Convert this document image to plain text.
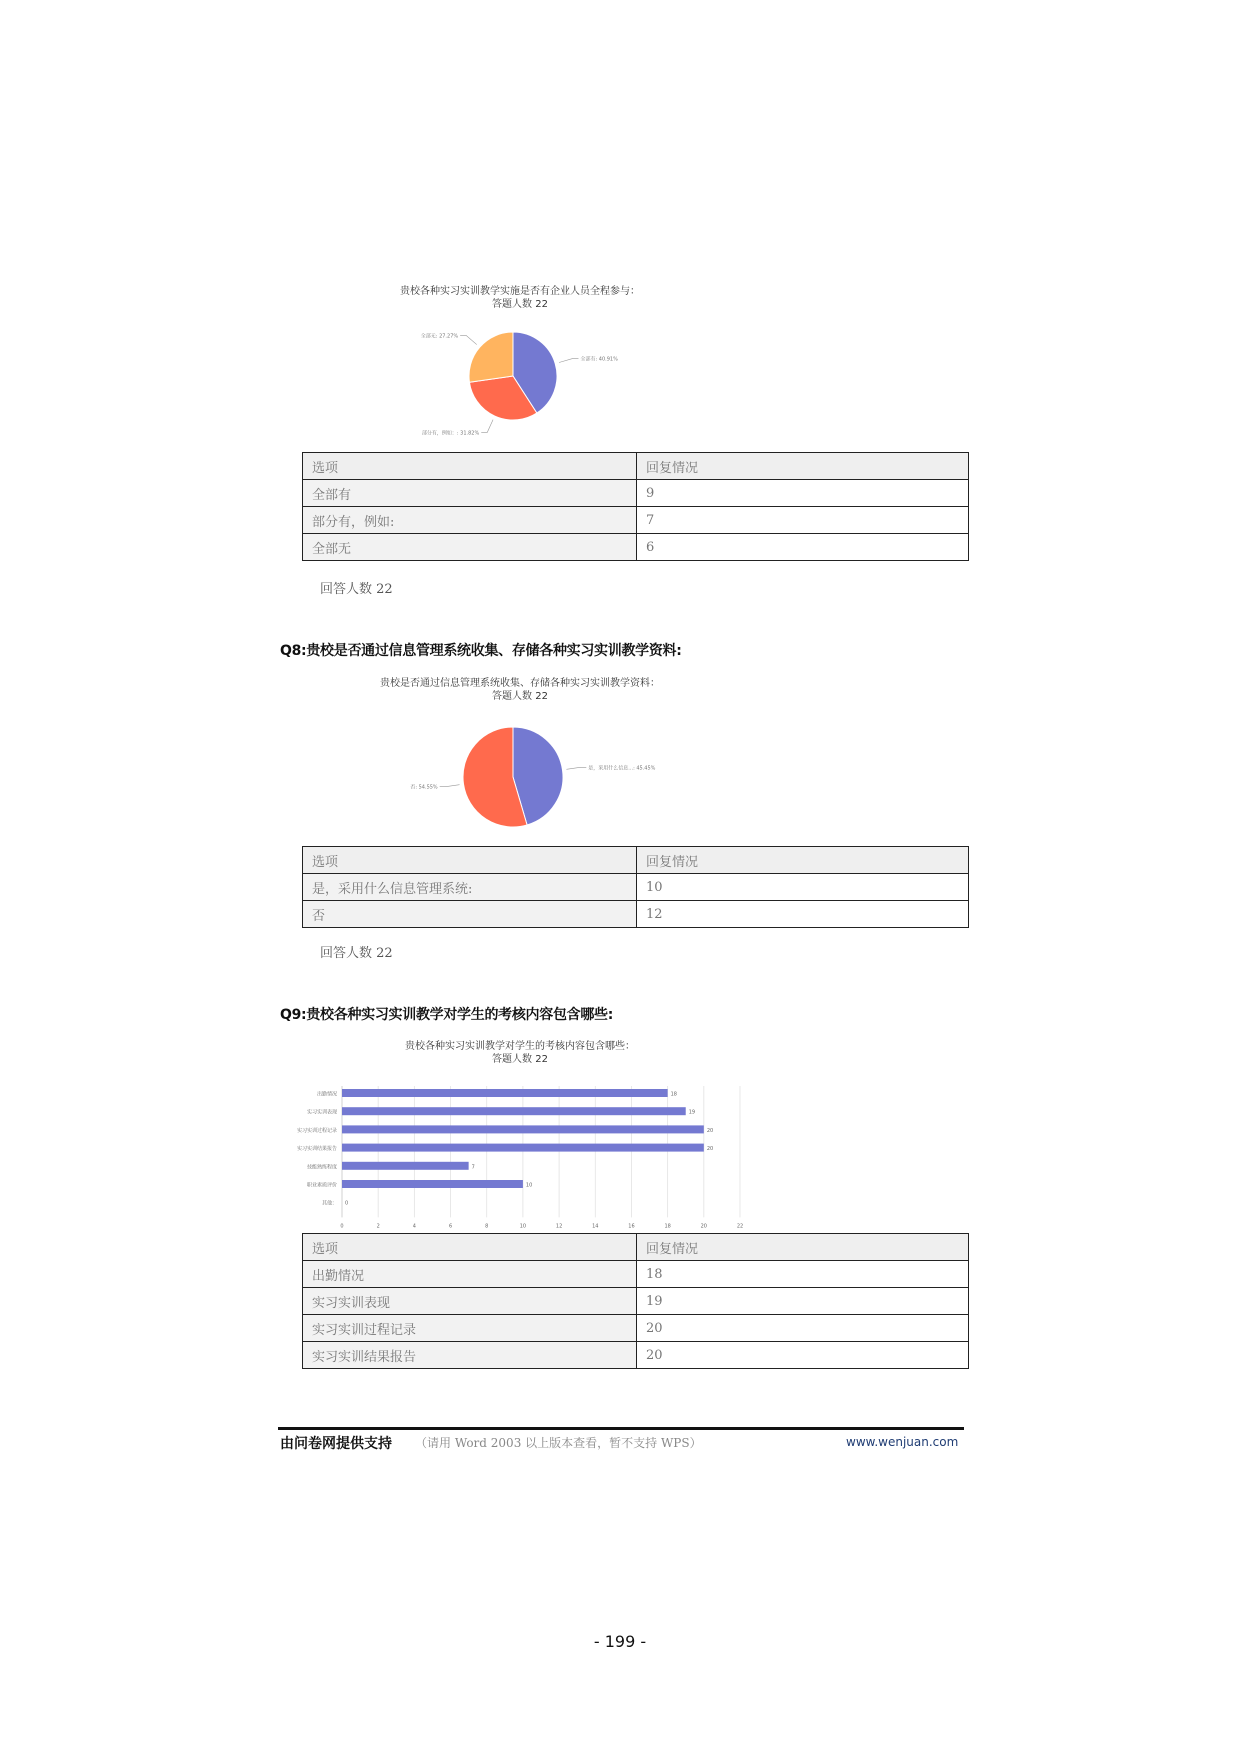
贵校各种实习实训教学实施是否有企业人员全程参与：
答题人数 22
全部有: 40.91%
部分有，例如：: 31.82%
全部无: 27.27%
选项	回复情况
全部有	9
部分有，例如:	7
全部无	6
回答人数 22
Q8:贵校是否通过信息管理系统收集、存储各种实习实训教学资料:
贵校是否通过信息管理系统收集、存储各种实习实训教学资料：
答题人数 22
是，采用什么信息...: 45.45%
否: 54.55%
选项	回复情况
是，采用什么信息管理系统:	10
否	12
回答人数 22
Q9:贵校各种实习实训教学对学生的考核内容包含哪些:
贵校各种实习实训教学对学生的考核内容包含哪些：
答题人数 22
0	2	4	6	8	10	12	14	16	18	20	22
出勤情况	18
实习实训表现	19
实习实训过程记录	20
实习实训结果报告	20
技能熟练程度	7
职业素质评价	10
其他： 0
选项	回复情况
出勤情况	18
实习实训表现	19
实习实训过程记录	20
实习实训结果报告	20
由问卷网提供支持 （请用 Word 2003 以上版本查看，暂不支持 WPS）	www.wenjuan.com
- 199 -
